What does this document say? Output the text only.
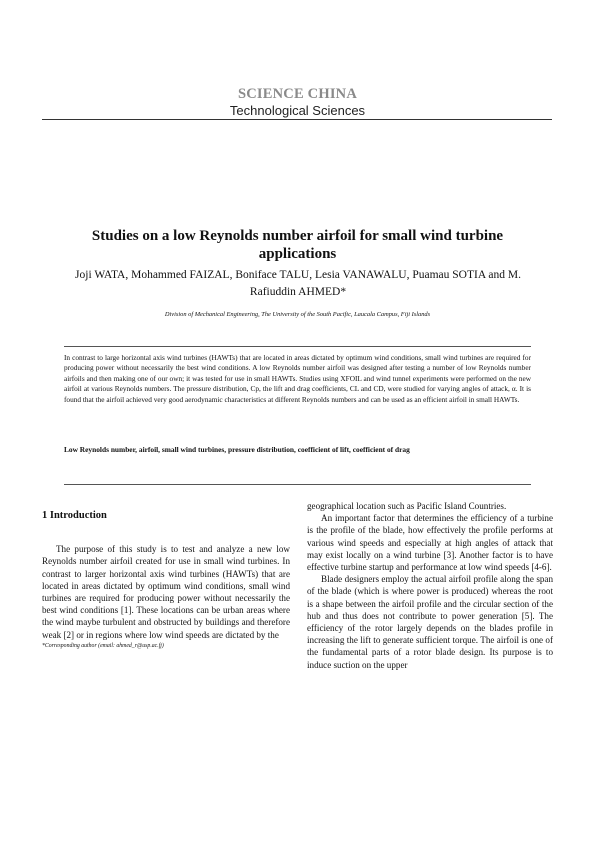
SCIENCE CHINA
Technological Sciences
Studies on a low Reynolds number airfoil for small wind turbine applications
Joji WATA, Mohammed FAIZAL, Boniface TALU, Lesia VANAWALU, Puamau SOTIA and M. Rafiuddin AHMED*
Division of Mechanical Engineering, The University of the South Pacific, Laucala Campus, Fiji Islands

In contrast to large horizontal axis wind turbines (HAWTs) that are located in areas dictated by optimum wind conditions, small wind turbines are required for producing power without necessarily the best wind conditions. A low Reynolds number airfoil was designed after testing a number of low Reynolds number airfoils and then making one of our own; it was tested for use in small HAWTs. Studies using XFOIL and wind tunnel experiments were performed on the new airfoil at various Reynolds numbers. The pressure distribution, Cp, the lift and drag coefficients, CL and CD, were studied for varying angles of attack, α. It is found that the airfoil achieved very good aerodynamic characteristics at different Reynolds numbers and can be used as an efficient airfoil in small HAWTs.

Low Reynolds number, airfoil, small wind turbines, pressure distribution, coefficient of lift, coefficient of drag
1 Introduction

The purpose of this study is to test and analyze a new low Reynolds number airfoil created for use in small wind turbines. In contrast to larger horizontal axis wind turbines (HAWTs) that are located in areas dictated by optimum wind conditions, small wind turbines are required for producing power without necessarily the best wind conditions [1]. These locations can be urban areas where the wind maybe turbulent and obstructed by buildings and therefore weak [2] or in regions where low wind speeds are dictated by the

geographical location such as Pacific Island Countries.

An important factor that determines the efficiency of a turbine is the profile of the blade, how effectively the profile performs at various wind speeds and especially at high angles of attack that may exist locally on a wind turbine [3]. Another factor is to have effective turbine startup and performance at low wind speeds [4-6].

Blade designers employ the actual airfoil profile along the span of the blade (which is where power is produced) whereas the root is a shape between the airfoil profile and the circular section of the hub and thus does not contribute to power generation [5]. The efficiency of the rotor largely depends on the blades profile in increasing the lift to generate sufficient torque. The airfoil is one of the fundamental parts of a rotor blade design. Its purpose is to induce suction on the upper

*Corresponding author (email: ahmed_r@usp.ac.fj)
